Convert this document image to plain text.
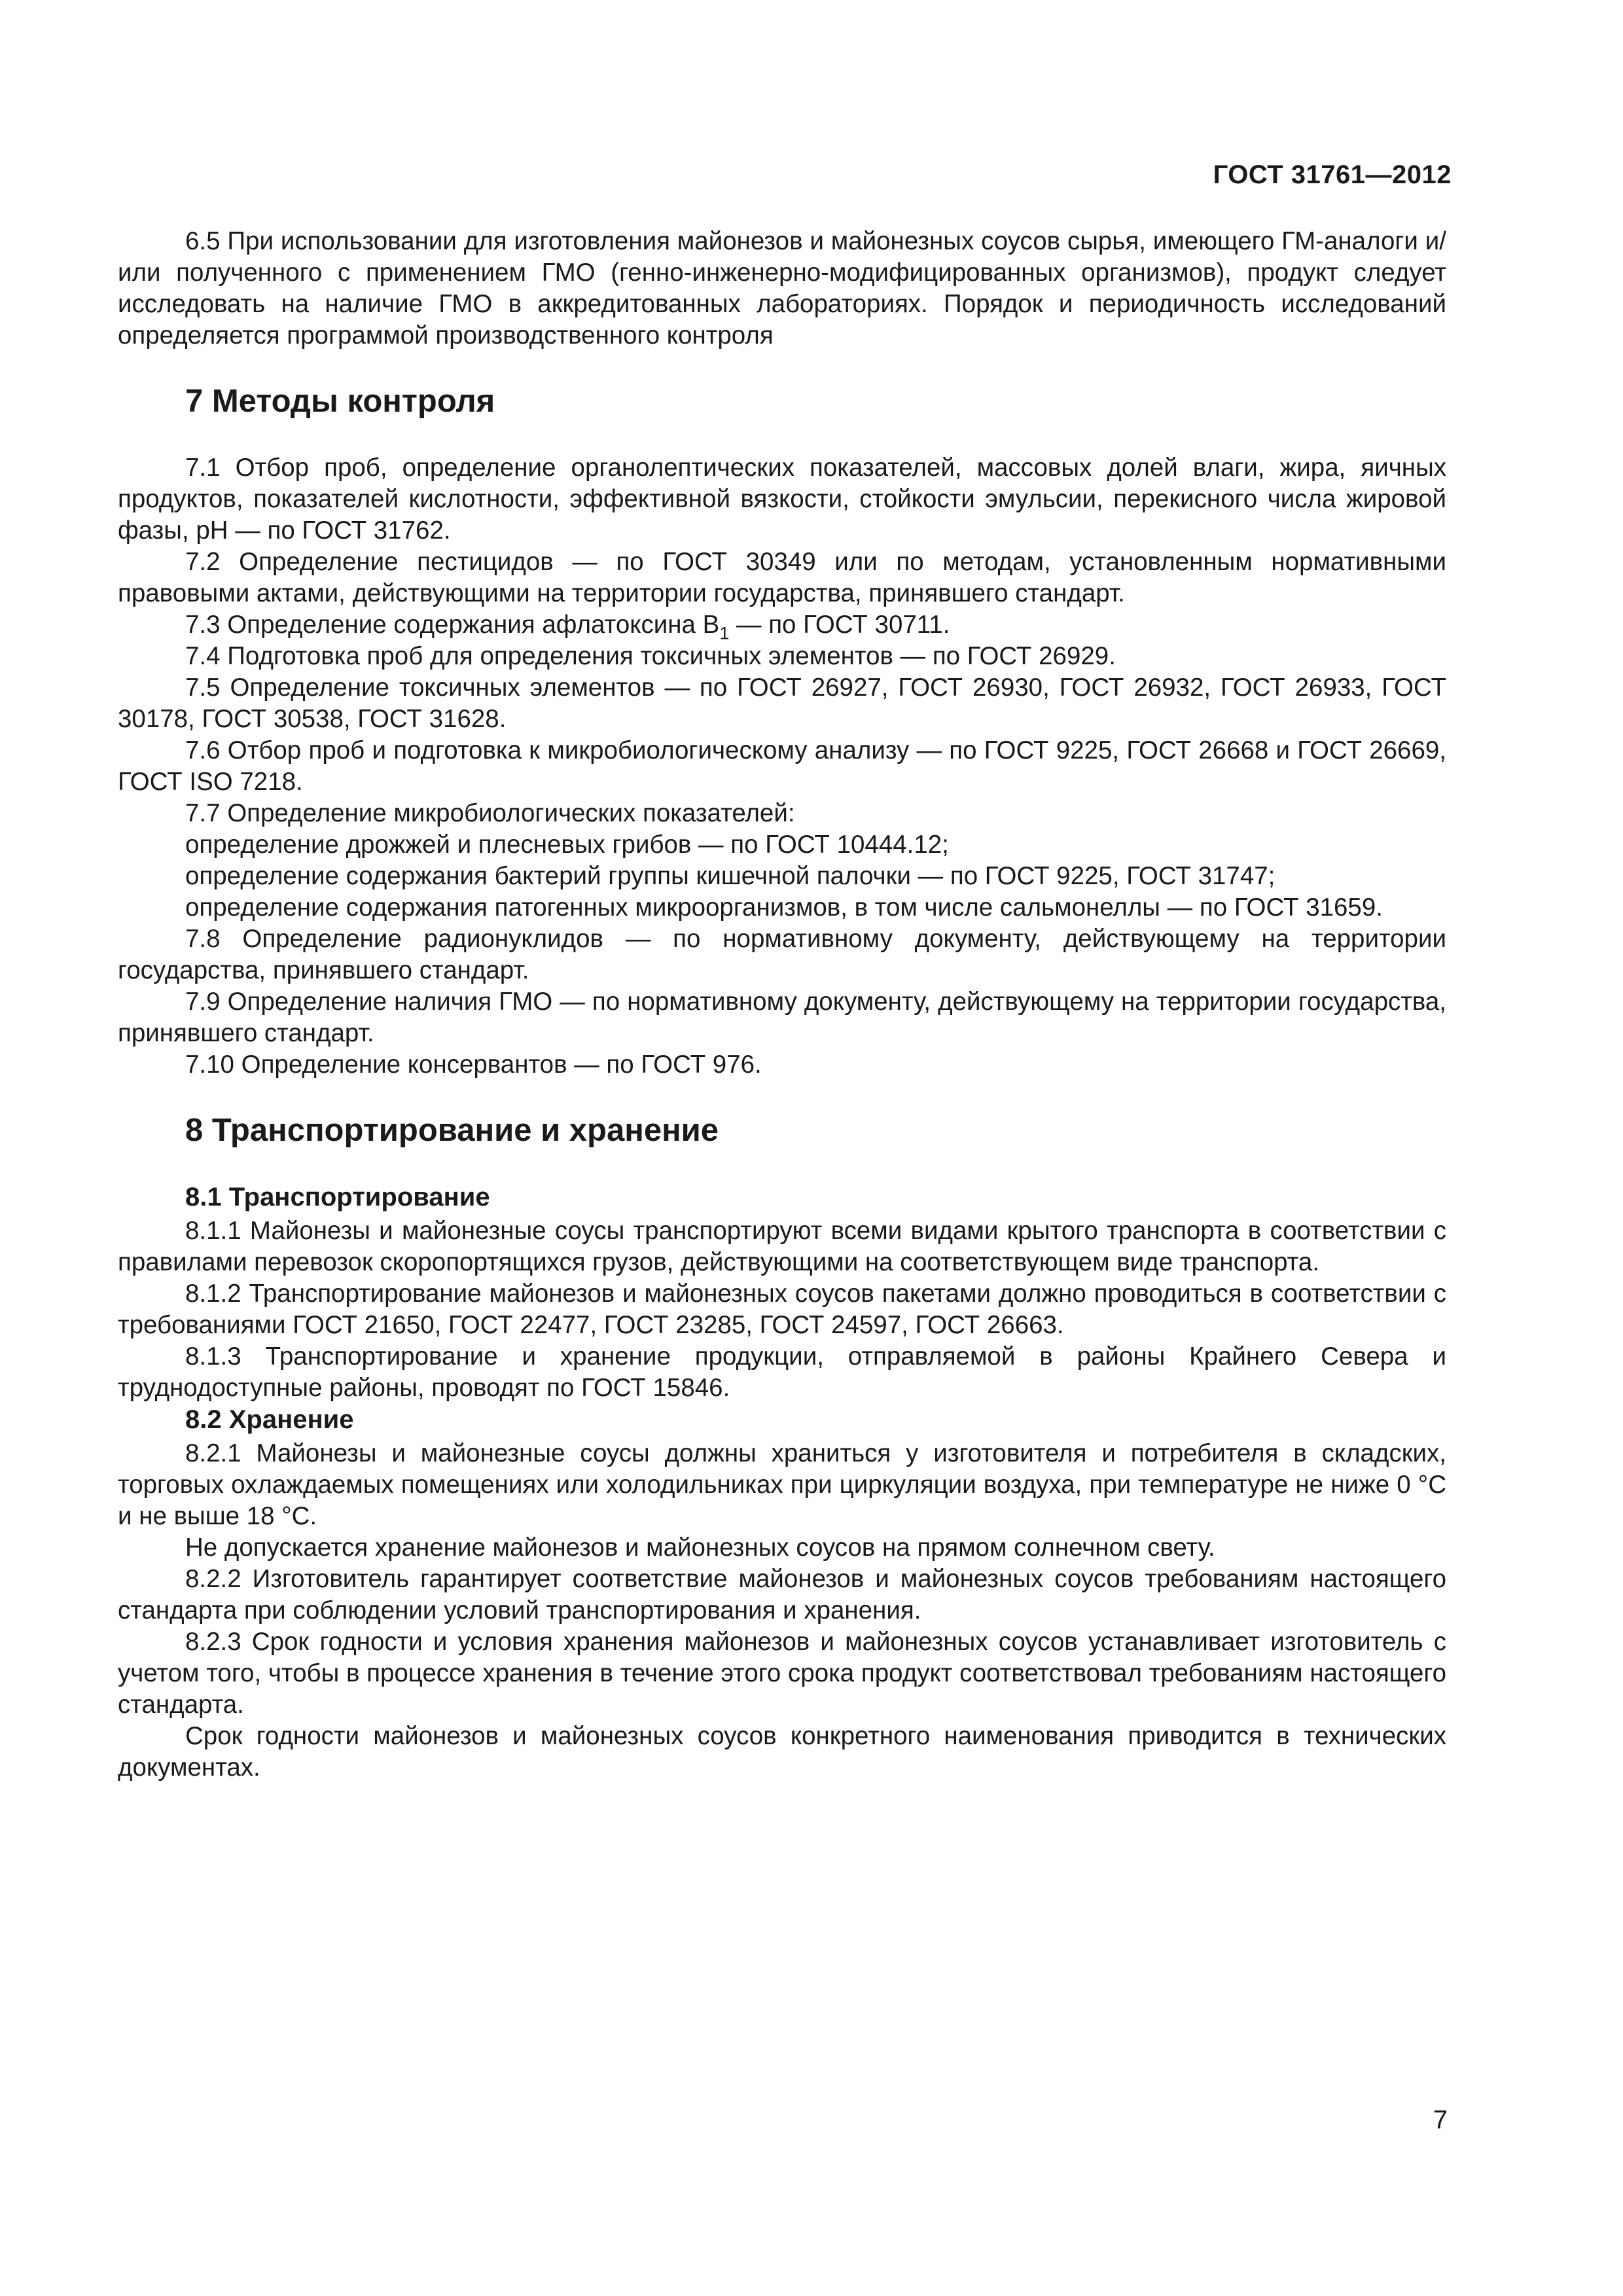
ГОСТ 31761—2012

6.5 При использовании для изготовления майонезов и майонезных соусов сырья, имеющего ГМ-аналоги и/или полученного с применением ГМО (генно-инженерно-модифицированных организмов), продукт следует исследовать на наличие ГМО в аккредитованных лабораториях. Порядок и периодичность исследований определяется программой производственного контроля

7 Методы контроля

7.1 Отбор проб, определение органолептических показателей, массовых долей влаги, жира, яичных продуктов, показателей кислотности, эффективной вязкости, стойкости эмульсии, перекисного числа жировой фазы, pH — по ГОСТ 31762.

7.2 Определение пестицидов — по ГОСТ 30349 или по методам, установленным нормативными правовыми актами, действующими на территории государства, принявшего стандарт.

7.3 Определение содержания афлатоксина $В_1$ — по ГОСТ 30711.

7.4 Подготовка проб для определения токсичных элементов — по ГОСТ 26929.

7.5 Определение токсичных элементов — по ГОСТ 26927, ГОСТ 26930, ГОСТ 26932, ГОСТ 26933, ГОСТ 30178, ГОСТ 30538, ГОСТ 31628.

7.6 Отбор проб и подготовка к микробиологическому анализу — по ГОСТ 9225, ГОСТ 26668 и ГОСТ 26669, ГОСТ ISO 7218.

7.7 Определение микробиологических показателей:

определение дрожжей и плесневых грибов — по ГОСТ 10444.12;

определение содержания бактерий группы кишечной палочки — по ГОСТ 9225, ГОСТ 31747;

определение содержания патогенных микроорганизмов, в том числе сальмонеллы — по ГОСТ 31659.

7.8 Определение радионуклидов — по нормативному документу, действующему на территории государства, принявшего стандарт.

7.9 Определение наличия ГМО — по нормативному документу, действующему на территории государства, принявшего стандарт.

7.10 Определение консервантов — по ГОСТ 976.

8 Транспортирование и хранение
8.1 Транспортирование

8.1.1 Майонезы и майонезные соусы транспортируют всеми видами крытого транспорта в соответствии с правилами перевозок скоропортящихся грузов, действующими на соответствующем виде транспорта.

8.1.2 Транспортирование майонезов и майонезных соусов пакетами должно проводиться в соответствии с требованиями ГОСТ 21650, ГОСТ 22477, ГОСТ 23285, ГОСТ 24597, ГОСТ 26663.

8.1.3 Транспортирование и хранение продукции, отправляемой в районы Крайнего Севера и труднодоступные районы, проводят по ГОСТ 15846.

8.2 Хранение

8.2.1 Майонезы и майонезные соусы должны храниться у изготовителя и потребителя в складских, торговых охлаждаемых помещениях или холодильниках при циркуляции воздуха, при температуре не ниже 0 °С и не выше 18 °С.

Не допускается хранение майонезов и майонезных соусов на прямом солнечном свету.

8.2.2 Изготовитель гарантирует соответствие майонезов и майонезных соусов требованиям настоящего стандарта при соблюдении условий транспортирования и хранения.

8.2.3 Срок годности и условия хранения майонезов и майонезных соусов устанавливает изготовитель с учетом того, чтобы в процессе хранения в течение этого срока продукт соответствовал требованиям настоящего стандарта.

Срок годности майонезов и майонезных соусов конкретного наименования приводится в технических документах.

7
